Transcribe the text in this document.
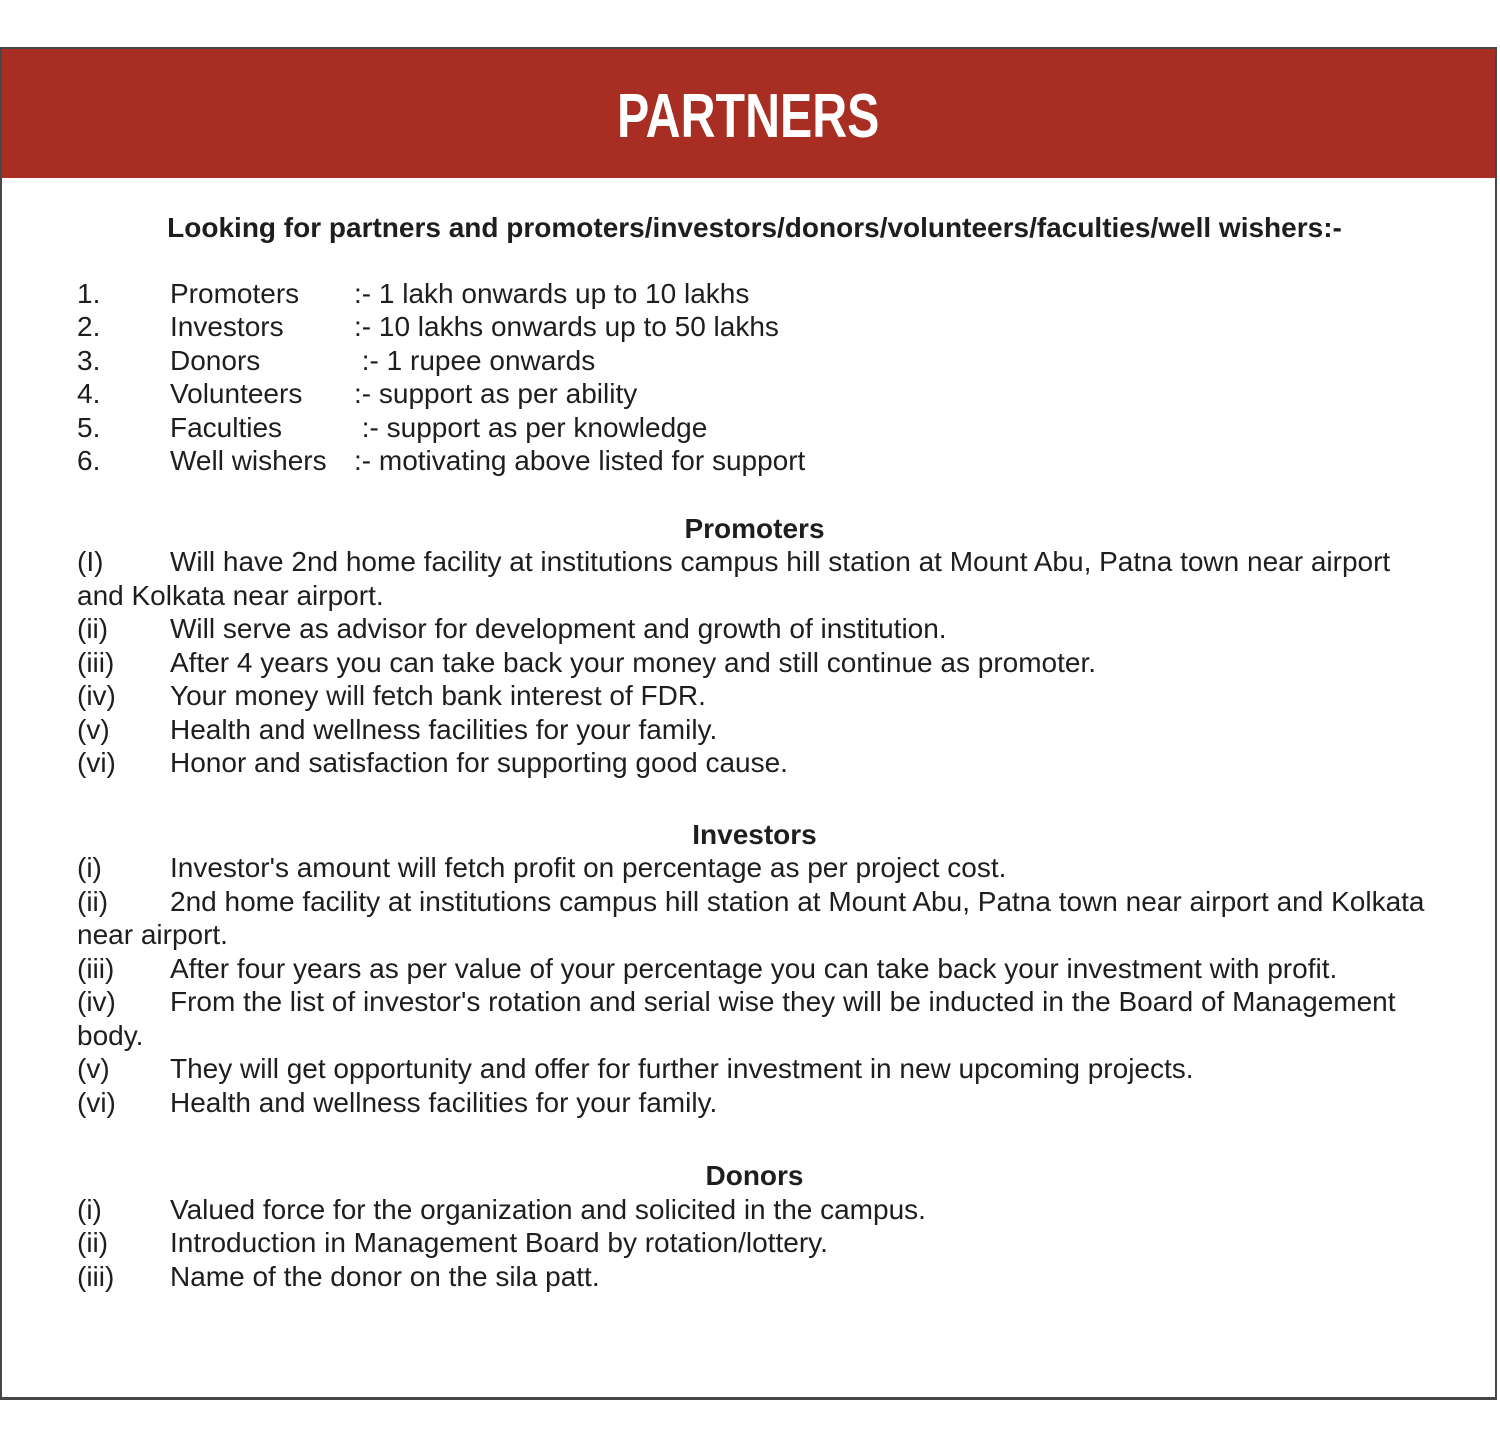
PARTNERS

Looking for partners and promoters/investors/donors/volunteers/faculties/well wishers:-

1.	Promoters	:- 1 lakh onwards up to 10 lakhs
2.	Investors	:- 10 lakhs onwards up to 50 lakhs
3.	Donors	:- 1 rupee onwards
4.	Volunteers	:- support as per ability
5.	Faculties	:- support as per knowledge
6.	Well wishers :- motivating above listed for support
Promoters

(I) Will have 2nd home facility at institutions campus hill station at Mount Abu, Patna town near airport and Kolkata near airport.

(ii) Will serve as advisor for development and growth of institution.

(iii) After 4 years you can take back your money and still continue as promoter.

(iv) Your money will fetch bank interest of FDR.

(v) Health and wellness facilities for your family.

(vi) Honor and satisfaction for supporting good cause.

Investors

(i) Investor's amount will fetch profit on percentage as per project cost.

(ii) 2nd home facility at institutions campus hill station at Mount Abu, Patna town near airport and Kolkata near airport.

(iii) After four years as per value of your percentage you can take back your investment with profit.

(iv) From the list of investor's rotation and serial wise they will be inducted in the Board of Management body.

(v) They will get opportunity and offer for further investment in new upcoming projects.

(vi) Health and wellness facilities for your family.

Donors

(i) Valued force for the organization and solicited in the campus.

(ii) Introduction in Management Board by rotation/lottery.

(iii) Name of the donor on the sila patt.
